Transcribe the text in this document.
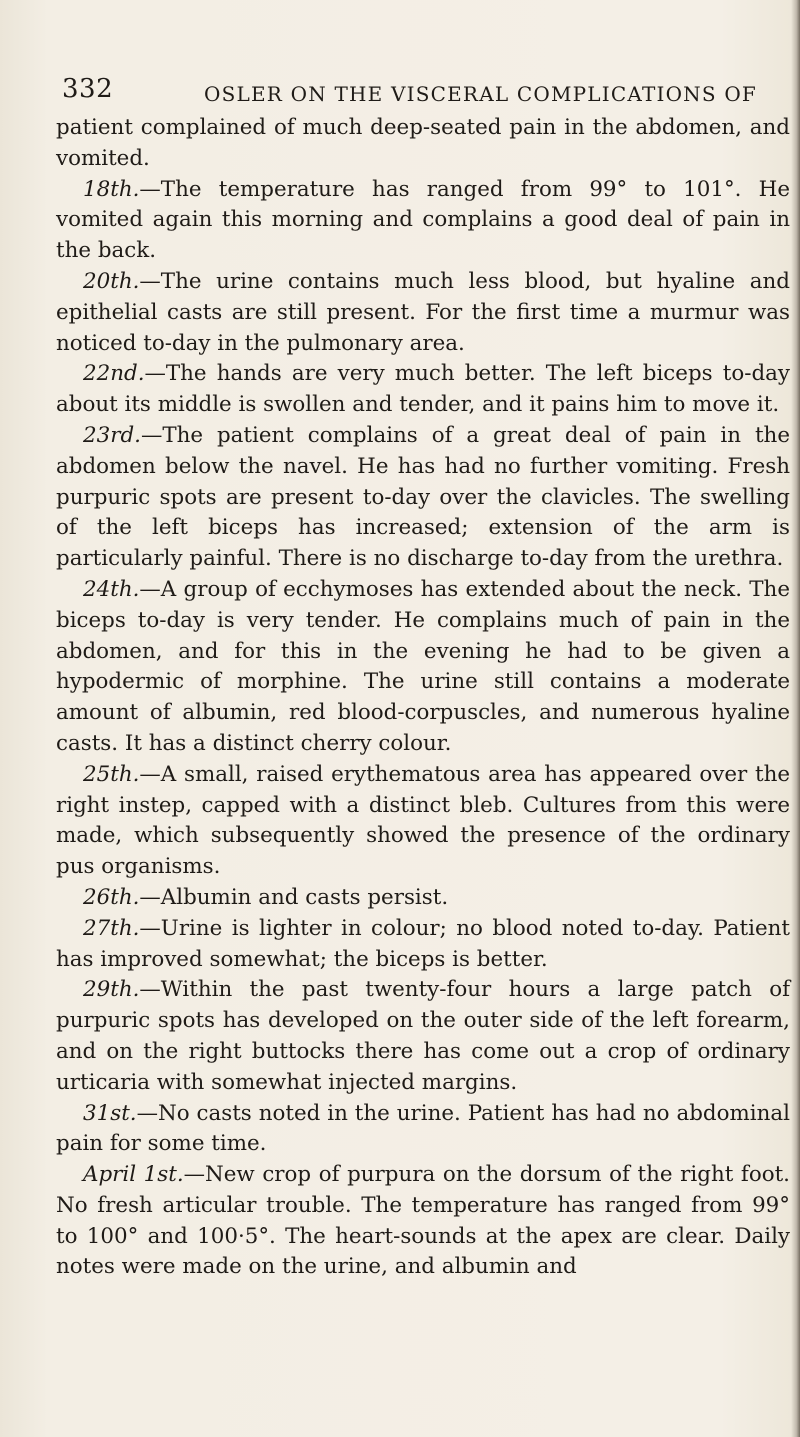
332	OSLER ON THE VISCERAL COMPLICATIONS OF

patient complained of much deep-seated pain in the abdomen, and vomited.

18th.—The temperature has ranged from 99° to 101°. He vomited again this morning and complains a good deal of pain in the back.

20th.—The urine contains much less blood, but hyaline and epithelial casts are still present. For the first time a murmur was noticed to-day in the pulmonary area.

22nd.—The hands are very much better. The left biceps to-day about its middle is swollen and tender, and it pains him to move it.

23rd.—The patient complains of a great deal of pain in the abdomen below the navel. He has had no further vomiting. Fresh purpuric spots are present to-day over the clavicles. The swelling of the left biceps has increased; extension of the arm is particularly painful. There is no discharge to-day from the urethra.

24th.—A group of ecchymoses has extended about the neck. The biceps to-day is very tender. He complains much of pain in the abdomen, and for this in the evening he had to be given a hypodermic of morphine. The urine still contains a moderate amount of albumin, red blood-corpuscles, and numerous hyaline casts. It has a distinct cherry colour.

25th.—A small, raised erythematous area has appeared over the right instep, capped with a distinct bleb. Cultures from this were made, which subsequently showed the presence of the ordinary pus organisms.

26th.—Albumin and casts persist.

27th.—Urine is lighter in colour; no blood noted to-day. Patient has improved somewhat; the biceps is better.

29th.—Within the past twenty-four hours a large patch of purpuric spots has developed on the outer side of the left forearm, and on the right buttocks there has come out a crop of ordinary urticaria with somewhat injected margins.

31st.—No casts noted in the urine. Patient has had no abdominal pain for some time.

April 1st.—New crop of purpura on the dorsum of the right foot. No fresh articular trouble. The temperature has ranged from 99° to 100° and 100·5°. The heart-sounds at the apex are clear. Daily notes were made on the urine, and albumin and
